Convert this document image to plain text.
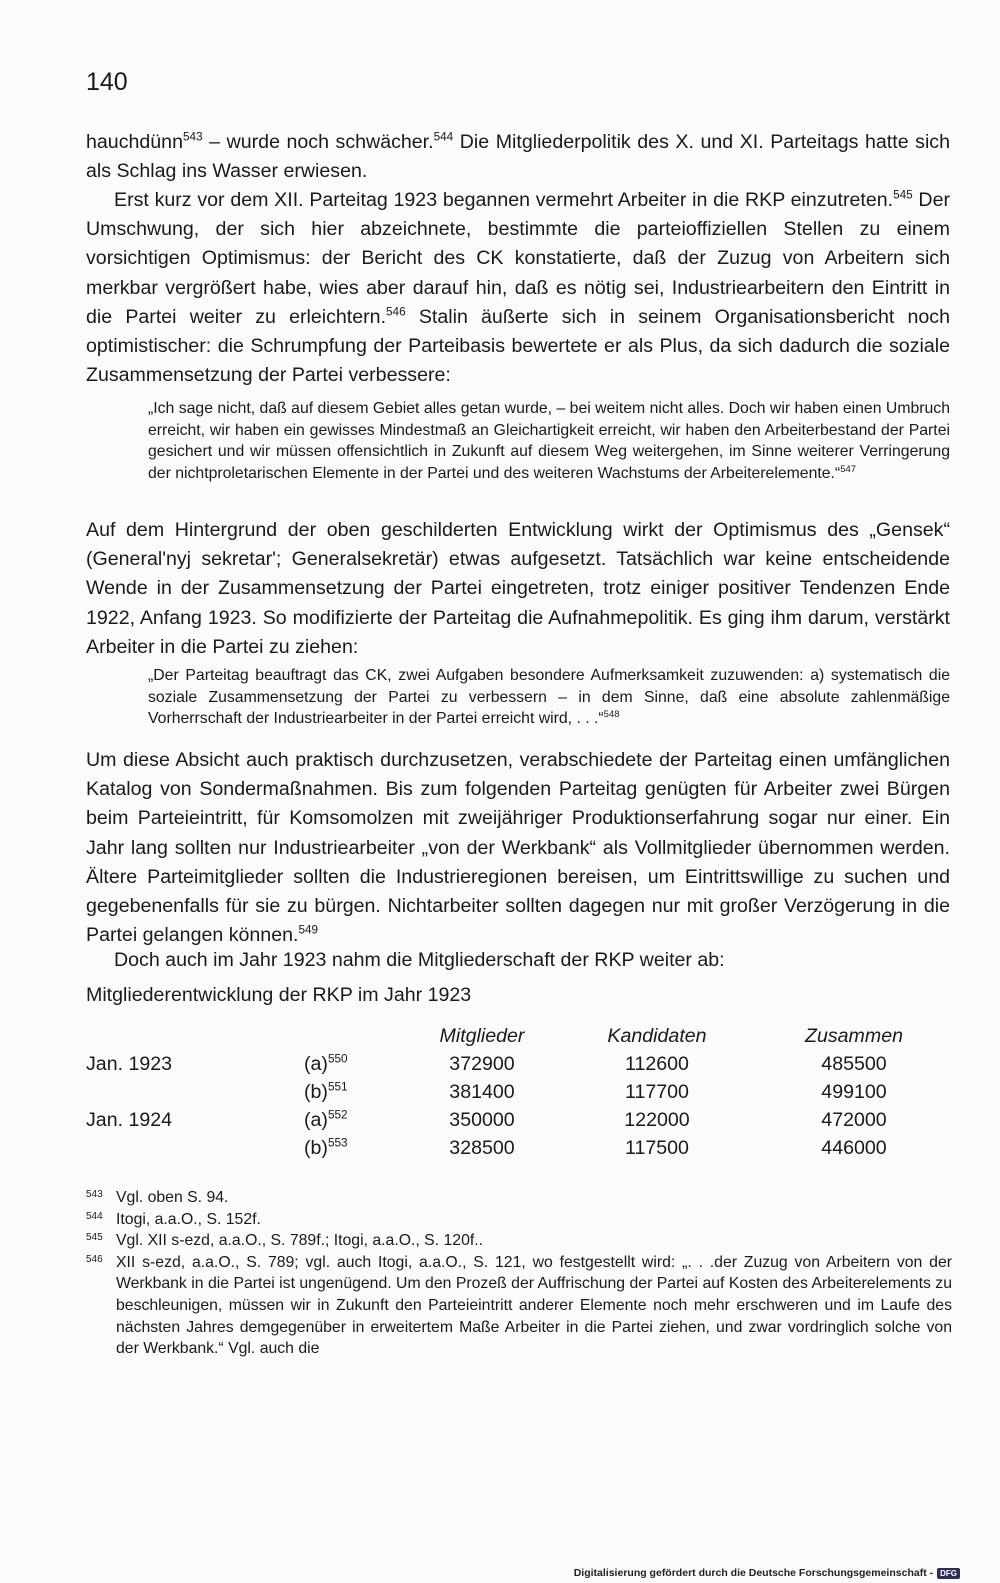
140

hauchdünn$^{543}$ – wurde noch schwächer.$^{544}$ Die Mitgliederpolitik des X. und XI. Parteitags hatte sich als Schlag ins Wasser erwiesen.

Erst kurz vor dem XII. Parteitag 1923 begannen vermehrt Arbeiter in die RKP einzutreten.$^{545}$ Der Umschwung, der sich hier abzeichnete, bestimmte die parteioffiziellen Stellen zu einem vorsichtigen Optimismus: der Bericht des CK konstatierte, daß der Zuzug von Arbeitern sich merkbar vergrößert habe, wies aber darauf hin, daß es nötig sei, Industriearbeitern den Eintritt in die Partei weiter zu erleichtern.$^{546}$ Stalin äußerte sich in seinem Organisationsbericht noch optimistischer: die Schrumpfung der Parteibasis bewertete er als Plus, da sich dadurch die soziale Zusammensetzung der Partei verbessere:

„Ich sage nicht, daß auf diesem Gebiet alles getan wurde, – bei weitem nicht alles. Doch wir haben einen Umbruch erreicht, wir haben ein gewisses Mindestmaß an Gleichartigkeit erreicht, wir haben den Arbeiterbestand der Partei gesichert und wir müssen offensichtlich in Zukunft auf diesem Weg weitergehen, im Sinne weiterer Verringerung der nichtproletarischen Elemente in der Partei und des weiteren Wachstums der Arbeiterelemente.“$^{547}$

Auf dem Hintergrund der oben geschilderten Entwicklung wirkt der Optimismus des „Gensek“ (General'nyj sekretar'; Generalsekretär) etwas aufgesetzt. Tatsächlich war keine entscheidende Wende in der Zusammensetzung der Partei eingetreten, trotz einiger positiver Tendenzen Ende 1922, Anfang 1923. So modifizierte der Parteitag die Aufnahmepolitik. Es ging ihm darum, verstärkt Arbeiter in die Partei zu ziehen:

„Der Parteitag beauftragt das CK, zwei Aufgaben besondere Aufmerksamkeit zuzuwenden: a) systematisch die soziale Zusammensetzung der Partei zu verbessern – in dem Sinne, daß eine absolute zahlenmäßige Vorherrschaft der Industriearbeiter in der Partei erreicht wird, . . .“$^{548}$

Um diese Absicht auch praktisch durchzusetzen, verabschiedete der Parteitag einen umfänglichen Katalog von Sondermaßnahmen. Bis zum folgenden Parteitag genügten für Arbeiter zwei Bürgen beim Parteieintritt, für Komsomolzen mit zweijähriger Produktionserfahrung sogar nur einer. Ein Jahr lang sollten nur Industriearbeiter „von der Werkbank“ als Vollmitglieder übernommen werden. Ältere Parteimitglieder sollten die Industrieregionen bereisen, um Eintrittswillige zu suchen und gegebenenfalls für sie zu bürgen. Nichtarbeiter sollten dagegen nur mit großer Verzögerung in die Partei gelangen können.$^{549}$

Doch auch im Jahr 1923 nahm die Mitgliederschaft der RKP weiter ab:

Mitgliederentwicklung der RKP im Jahr 1923
		Mitglieder	Kandidaten	Zusammen
Jan. 1923	$(a)^{550}$	372900	112600	485500
	$(b)^{551}$	381400	117700	499100
Jan. 1924	$(a)^{552}$	350000	122000	472000
	$(b)^{553}$	328500	117500	446000

543 Vgl. oben S. 94.

544 Itogi, a.a.O., S. 152f.

545 Vgl. XII s-ezd, a.a.O., S. 789f.; Itogi, a.a.O., S. 120f..

546 XII s-ezd, a.a.O., S. 789; vgl. auch Itogi, a.a.O., S. 121, wo festgestellt wird: „. . .der Zuzug von Arbeitern von der Werkbank in die Partei ist ungenügend. Um den Prozeß der Auffrischung der Partei auf Kosten des Arbeiterelements zu beschleunigen, müssen wir in Zukunft den Parteieintritt anderer Elemente noch mehr erschweren und im Laufe des nächsten Jahres demgegenüber in erweitertem Maße Arbeiter in die Partei ziehen, und zwar vordringlich solche von der Werkbank.“ Vgl. auch die

Digitalisierung gefördert durch die Deutsche Forschungsgemeinschaft - DFG
